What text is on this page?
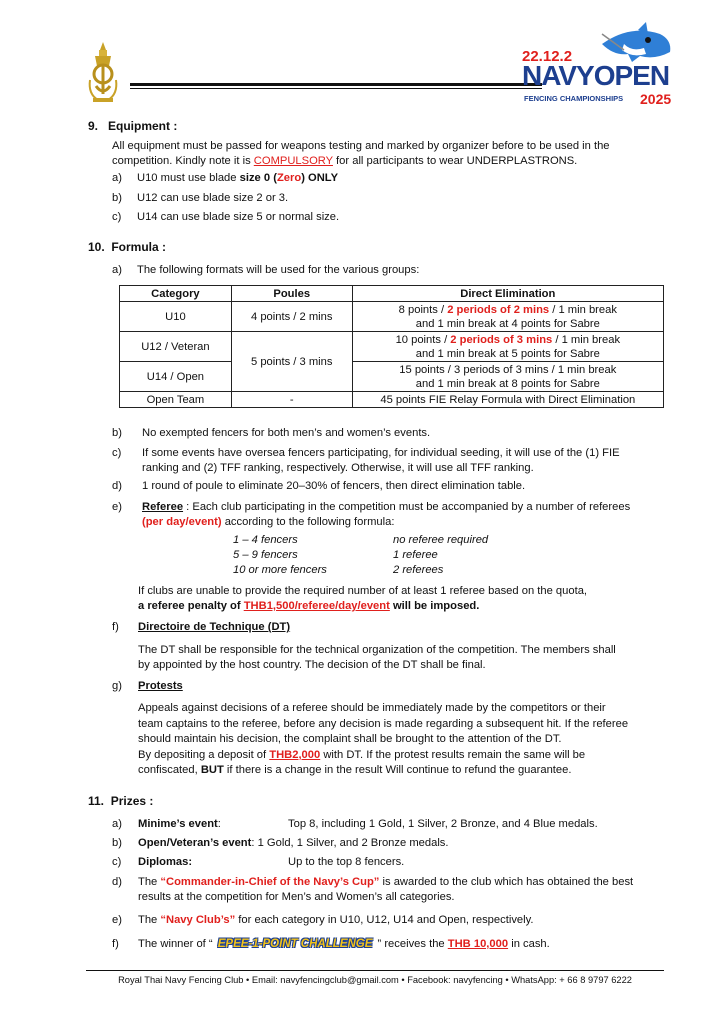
22.12.2
NAVYOPEN
FENCING CHAMPIONSHIPS 2025
9.   Equipment :
All equipment must be passed for weapons testing and marked by organizer before to be used in the
competition. Kindly note it is COMPULSORY for all participants to wear UNDERPLASTRONS.
a) U10 must use blade size 0 (Zero) ONLY
b) U12 can use blade size 2 or 3.
c) U14 can use blade size 5 or normal size.
10.  Formula :
a) The following formats will be used for the various groups:
Category	Poules	Direct Elimination
U10	4 points / 2 mins	8 points / 2 periods of 2 mins / 1 min break
and 1 min break at 4 points for Sabre

U12 / Veteran	5 points / 3 mins	10 points / 2 periods of 3 mins / 1 min break
and 1 min break at 5 points for Sabre

U14 / Open		15 points / 3 periods of 3 mins / 1 min break
and 1 min break at 8 points for Sabre

Open Team	-	45 points FIE Relay Formula with Direct Elimination
b) No exempted fencers for both men’s and women’s events.
c) If some events have oversea fencers participating, for individual seeding, it will use of the (1) FIE
ranking and (2) TFF ranking, respectively. Otherwise, it will use all TFF ranking.
d) 1 round of poule to eliminate 20–30% of fencers, then direct elimination table.
e) Referee : Each club participating in the competition must be accompanied by a number of referees
(per day/event) according to the following formula:
1 – 4 fencers	no referee required
5 – 9 fencers	1 referee
10 or more fencers	2 referees
If clubs are unable to provide the required number of at least 1 referee based on the quota,
a referee penalty of THB1,500/referee/day/event will be imposed.
f) Directoire de Technique (DT)
The DT shall be responsible for the technical organization of the competition. The members shall
by appointed by the host country. The decision of the DT shall be final.
g) Protests
Appeals against decisions of a referee should be immediately made by the competitors or their
team captains to the referee, before any decision is made regarding a subsequent hit. If the referee
should maintain his decision, the complaint shall be brought to the attention of the DT.
By depositing a deposit of THB2,000 with DT. If the protest results remain the same will be
confiscated, BUT if there is a change in the result Will continue to refund the guarantee.
11.  Prizes :
a) Minime’s event:	Top 8, including 1 Gold, 1 Silver, 2 Bronze, and 4 Blue medals.
b) Open/Veteran’s event: 1 Gold, 1 Silver, and 2 Bronze medals.
c) Diplomas:	Up to the top 8 fencers.
d) The “Commander-in-Chief of the Navy’s Cup” is awarded to the club which has obtained the best
results at the competition for Men’s and Women’s all categories.
e) The “Navy Club’s” for each category in U10, U12, U14 and Open, respectively.
f) The winner of “ EPEE-1-POINT CHALLENGE ” receives the THB 10,000 in cash.
Royal Thai Navy Fencing Club • Email: navyfencingclub@gmail.com • Facebook: navyfencing • WhatsApp: + 66 8 9797 6222
